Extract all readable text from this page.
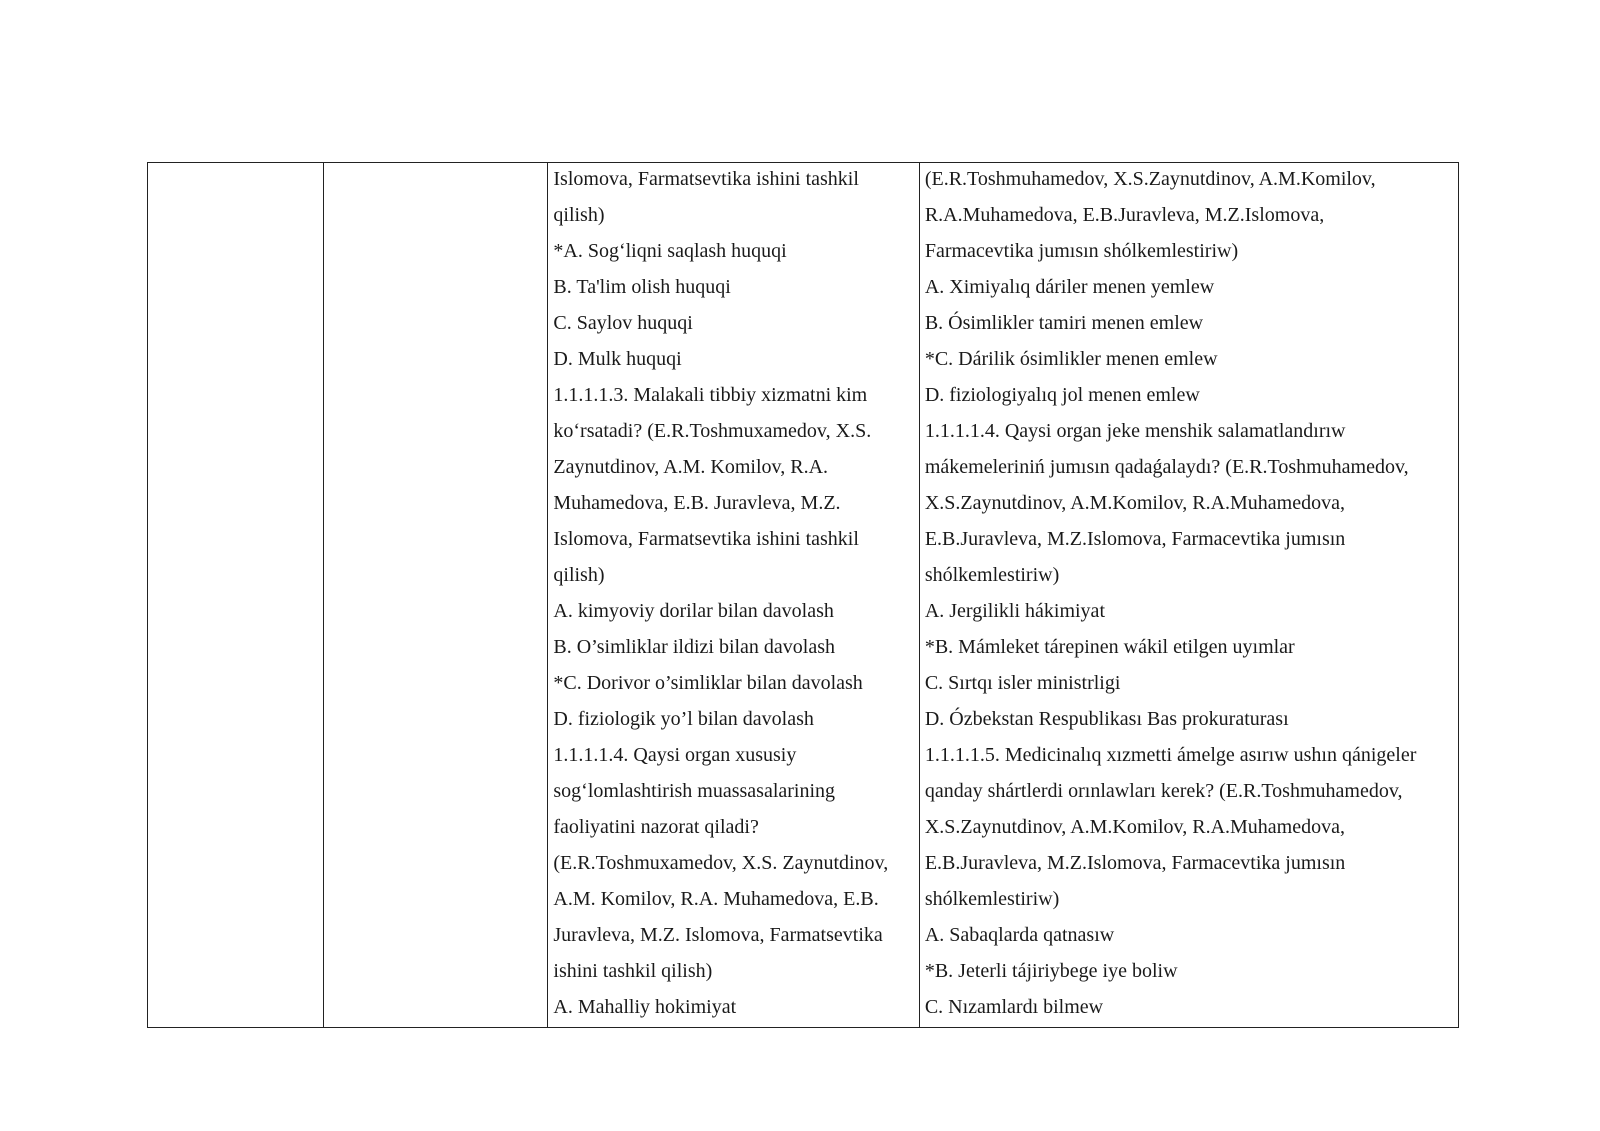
Islomova, Farmatsevtika ishini tashkil
qilish)
*A. Sog‘liqni saqlash huquqi
B. Ta'lim olish huquqi
C. Saylov huquqi
D. Mulk huquqi
1.1.1.1.3. Malakali tibbiy xizmatni kim
ko‘rsatadi? (E.R.Toshmuxamedov, X.S.
Zaynutdinov, A.M. Komilov, R.A.
Muhamedova, E.B. Juravleva, M.Z.
Islomova, Farmatsevtika ishini tashkil
qilish)
A. kimyoviy dorilar bilan davolash
B. O’simliklar ildizi bilan davolash
*C. Dorivor o’simliklar bilan davolash
D. fiziologik yo’l bilan davolash
1.1.1.1.4. Qaysi organ xususiy
sog‘lomlashtirish muassasalarining
faoliyatini nazorat qiladi?
(E.R.Toshmuxamedov, X.S. Zaynutdinov,
A.M. Komilov, R.A. Muhamedova, E.B.
Juravleva, M.Z. Islomova, Farmatsevtika
ishini tashkil qilish)
A. Mahalliy hokimiyat
(E.R.Toshmuhamedov, X.S.Zaynutdinov, A.M.Komilov,
R.A.Muhamedova, E.B.Juravleva, M.Z.Islomova,
Farmacevtika jumısın shólkemlestiriw)
A. Ximiyalıq dáriler menen yemlew
B. Ósimlikler tamiri menen emlew
*C. Dárilik ósimlikler menen emlew
D. fiziologiyalıq jol menen emlew
1.1.1.1.4. Qaysi organ jeke menshik salamatlandırıw
mákemeleriniń jumısın qadaǵalaydı? (E.R.Toshmuhamedov,
X.S.Zaynutdinov, A.M.Komilov, R.A.Muhamedova,
E.B.Juravleva, M.Z.Islomova, Farmacevtika jumısın
shólkemlestiriw)
A. Jergilikli hákimiyat
*B. Mámleket tárepinen wákil etilgen uyımlar
C. Sırtqı isler ministrligi
D. Ózbekstan Respublikası Bas prokuraturası
1.1.1.1.5. Medicinalıq xızmetti ámelge asırıw ushın qánigeler
qanday shártlerdi orınlawları kerek? (E.R.Toshmuhamedov,
X.S.Zaynutdinov, A.M.Komilov, R.A.Muhamedova,
E.B.Juravleva, M.Z.Islomova, Farmacevtika jumısın
shólkemlestiriw)
A. Sabaqlarda qatnasıw
*B. Jeterli tájiriybege iye boliw
C. Nızamlardı bilmew
